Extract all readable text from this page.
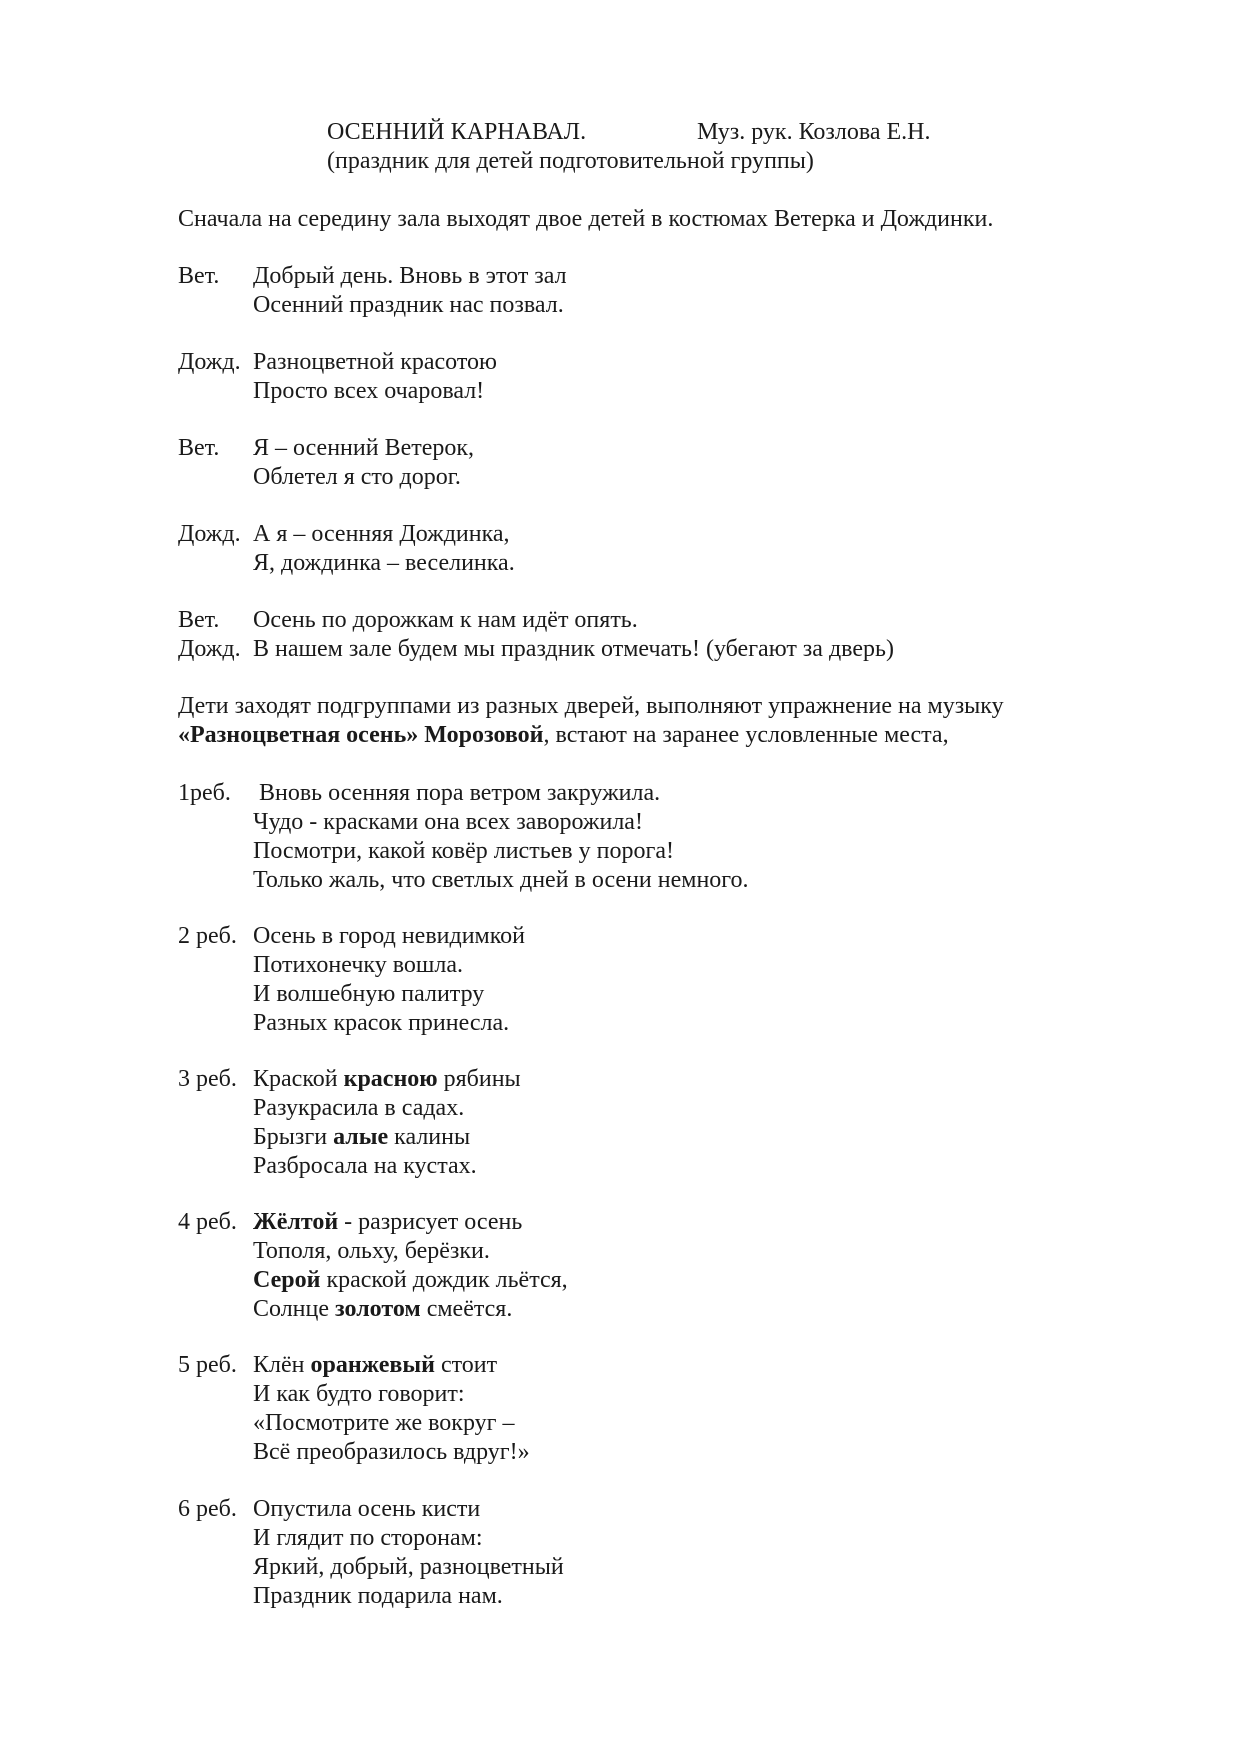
ОСЕННИЙ КАРНАВАЛ.	Муз. рук. Козлова Е.Н.
(праздник для детей подготовительной группы)
Сначала на середину зала выходят двое детей в костюмах Ветерка и Дождинки.
Вет. Добрый день. Вновь в этот зал
Осенний праздник нас позвал.
Дожд. Разноцветной красотою
Просто всех очаровал!
Вет. Я – осенний Ветерок,
Облетел я сто дорог.
Дожд. А я – осенняя Дождинка,
Я, дождинка – веселинка.
Вет. Осень по дорожкам к нам идёт опять.
Дожд. В нашем зале будем мы праздник отмечать! (убегают за дверь)
Дети заходят подгруппами из разных дверей, выполняют упражнение на музыку
«Разноцветная осень» Морозовой, встают на заранее условленные места,
1реб. Вновь осенняя пора ветром закружила.
Чудо - красками она всех заворожила!
Посмотри, какой ковёр листьев у порога!
Только жаль, что светлых дней в осени немного.
2 реб. Осень в город невидимкой
Потихонечку вошла.
И волшебную палитру
Разных красок принесла.
3 реб. Краской красною рябины
Разукрасила в садах.
Брызги алые калины
Разбросала на кустах.
4 реб. Жёлтой - разрисует осень
Тополя, ольху, берёзки.
Серой краской дождик льётся,
Солнце золотом смеётся.
5 реб. Клён оранжевый стоит
И как будто говорит:
«Посмотрите же вокруг –
Всё преобразилось вдруг!»
6 реб. Опустила осень кисти
И глядит по сторонам:
Яркий, добрый, разноцветный
Праздник подарила нам.
